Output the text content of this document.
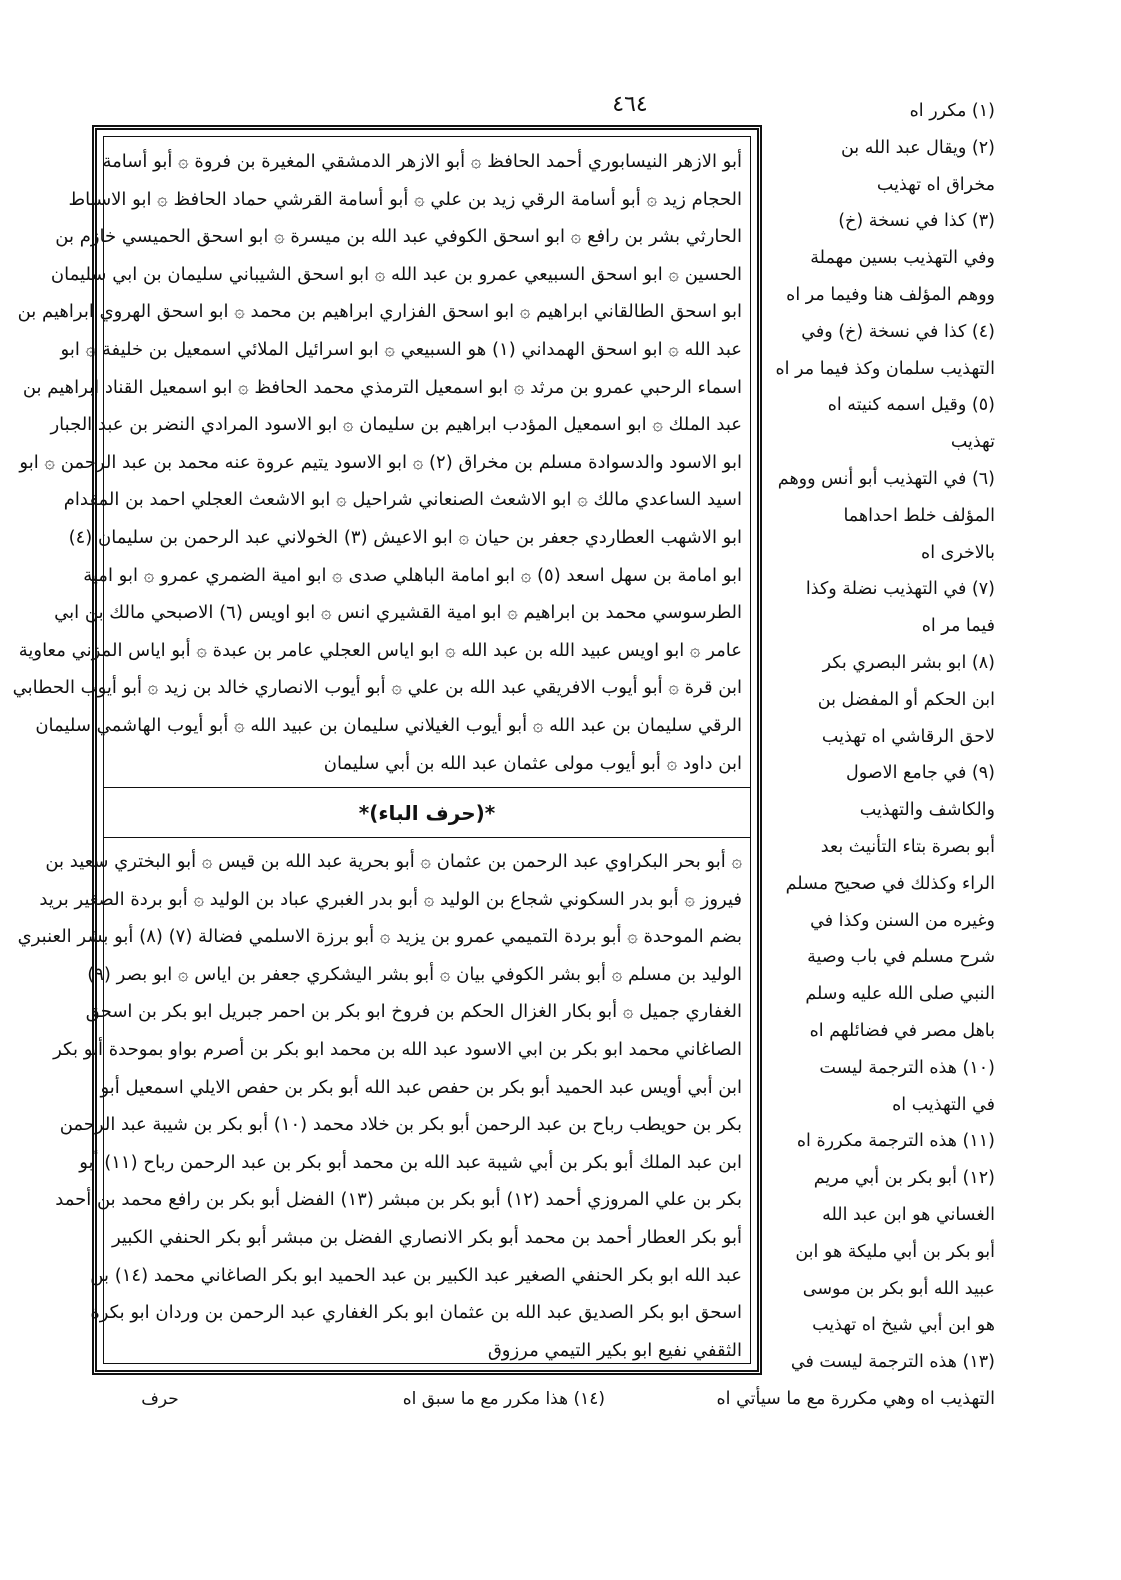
٤٦٤
*(حرف الباء)*
أبو الازهر النيسابوري أحمد الحافظ ۞ أبو الازهر الدمشقي المغيرة بن فروة ۞ أبو أسامة
الحجام زيد ۞ أبو أسامة الرقي زيد بن علي ۞ أبو أسامة القرشي حماد الحافظ ۞ ابو الاسباط
الحارثي بشر بن رافع ۞ ابو اسحق الكوفي عبد الله بن ميسرة ۞ ابو اسحق الحميسي خازم بن
الحسين ۞ ابو اسحق السبيعي عمرو بن عبد الله ۞ ابو اسحق الشيباني سليمان بن ابي سليمان
ابو اسحق الطالقاني ابراهيم ۞ ابو اسحق الفزاري ابراهيم بن محمد ۞ ابو اسحق الهروي ابراهيم بن
عبد الله ۞ ابو اسحق الهمداني (١) هو السبيعي ۞ ابو اسرائيل الملائي اسمعيل بن خليفة ۞ ابو
اسماء الرحبي عمرو بن مرثد ۞ ابو اسمعيل الترمذي محمد الحافظ ۞ ابو اسمعيل القناد ابراهيم بن
عبد الملك ۞ ابو اسمعيل المؤدب ابراهيم بن سليمان ۞ ابو الاسود المرادي النضر بن عبد الجبار
ابو الاسود والدسوادة مسلم بن مخراق (٢) ۞ ابو الاسود يتيم عروة عنه محمد بن عبد الرحمن ۞ ابو
اسيد الساعدي مالك ۞ ابو الاشعث الصنعاني شراحيل ۞ ابو الاشعث العجلي احمد بن المقدام
ابو الاشهب العطاردي جعفر بن حيان ۞ ابو الاعيش (٣) الخولاني عبد الرحمن بن سليمان (٤)
ابو امامة بن سهل اسعد (٥) ۞ ابو امامة الباهلي صدى ۞ ابو امية الضمري عمرو ۞ ابو امية
الطرسوسي محمد بن ابراهيم ۞ ابو امية القشيري انس ۞ ابو اويس (٦) الاصبحي مالك بن ابي
عامر ۞ ابو اويس عبيد الله بن عبد الله ۞ ابو اياس العجلي عامر بن عبدة ۞ أبو اياس المزني معاوية
ابن قرة ۞ أبو أيوب الافريقي عبد الله بن علي ۞ أبو أيوب الانصاري خالد بن زيد ۞ أبو أيوب الحطابي
الرقي سليمان بن عبد الله ۞ أبو أيوب الغيلاني سليمان بن عبيد الله ۞ أبو أيوب الهاشمي سليمان
ابن داود ۞ أبو أيوب مولى عثمان عبد الله بن أبي سليمان
۞ أبو بحر البكراوي عبد الرحمن بن عثمان ۞ أبو بحرية عبد الله بن قيس ۞ أبو البختري سعيد بن
فيروز ۞ أبو بدر السكوني شجاع بن الوليد ۞ أبو بدر الغبري عباد بن الوليد ۞ أبو بردة الصغير بريد
بضم الموحدة ۞ أبو بردة التميمي عمرو بن يزيد ۞ أبو برزة الاسلمي فضالة (٧) (٨) أبو بشر العنبري
الوليد بن مسلم ۞ أبو بشر الكوفي بيان ۞ أبو بشر اليشكري جعفر بن اياس ۞ ابو بصر (٩)
الغفاري جميل ۞ أبو بكار الغزال الحكم بن فروخ ابو بكر بن احمر جبريل ابو بكر بن اسحق
الصاغاني محمد ابو بكر بن ابي الاسود عبد الله بن محمد ابو بكر بن أصرم بواو بموحدة أبو بكر
ابن أبي أويس عبد الحميد أبو بكر بن حفص عبد الله أبو بكر بن حفص الايلي اسمعيل أبو
بكر بن حويطب رباح بن عبد الرحمن أبو بكر بن خلاد محمد (١٠) أبو بكر بن شيبة عبد الرحمن
ابن عبد الملك أبو بكر بن أبي شيبة عبد الله بن محمد أبو بكر بن عبد الرحمن رباح (١١) أبو
بكر بن علي المروزي أحمد (١٢) أبو بكر بن مبشر (١٣) الفضل أبو بكر بن رافع محمد بن أحمد
أبو بكر العطار أحمد بن محمد أبو بكر الانصاري الفضل بن مبشر أبو بكر الحنفي الكبير
عبد الله ابو بكر الحنفي الصغير عبد الكبير بن عبد الحميد ابو بكر الصاغاني محمد (١٤) بن
اسحق ابو بكر الصديق عبد الله بن عثمان ابو بكر الغفاري عبد الرحمن بن وردان ابو بكرة
الثقفي نفيع ابو بكير التيمي مرزوق
(١) مكرر اه
(٢) ويقال عبد الله بن
مخراق اه تهذيب
(٣) كذا في نسخة (خ)
وفي التهذيب بسين مهملة
ووهم المؤلف هنا وفيما مر اه
(٤) كذا في نسخة (خ) وفي
التهذيب سلمان وكذ فيما مر اه
(٥) وقيل اسمه كنيته اه
تهذيب
(٦) في التهذيب أبو أنس ووهم
المؤلف خلط احداهما
بالاخرى اه
(٧) في التهذيب نضلة وكذا
فيما مر اه
(٨) ابو بشر البصري بكر
ابن الحكم أو المفضل بن
لاحق الرقاشي اه تهذيب
(٩) في جامع الاصول
والكاشف والتهذيب
أبو بصرة بتاء التأنيث بعد
الراء وكذلك في صحيح مسلم
وغيره من السنن وكذا في
شرح مسلم في باب وصية
النبي صلى الله عليه وسلم
باهل مصر في فضائلهم اه
(١٠) هذه الترجمة ليست
في التهذيب اه
(١١) هذه الترجمة مكررة اه
(١٢) أبو بكر بن أبي مريم
الغساني هو ابن عبد الله
أبو بكر بن أبي مليكة هو ابن
عبيد الله أبو بكر بن موسى
هو ابن أبي شيخ اه تهذيب
(١٣) هذه الترجمة ليست في
التهذيب اه وهي مكررة مع ما سيأتي اه
(١٤) هذا مكرر مع ما سبق اه
حرف
